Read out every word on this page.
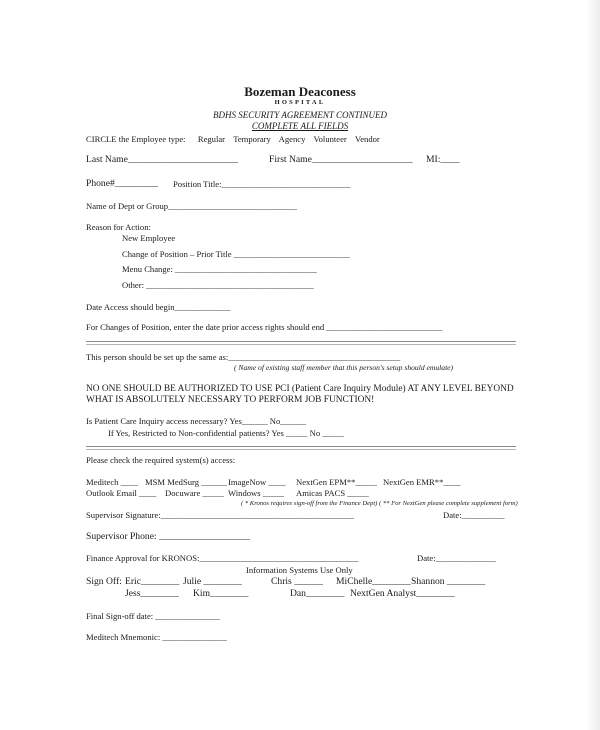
Bozeman Deaconess
HOSPITAL
BDHS SECURITY AGREEMENT CONTINUED
COMPLETE ALL FIELDS
CIRCLE the Employee type: Regular Temporary Agency Volunteer Vendor
Last Name_______________________	First Name_____________________ MI:____
Phone#_________ Position Title:______________________________
Name of Dept or Group______________________________
Reason for Action:
New Employee
Change of Position – Prior Title ___________________________
Menu Change: _________________________________
Other: _______________________________________
Date Access should begin_____________
For Changes of Position, enter the date prior access rights should end ___________________________
This person should be set up the same as:________________________________________
( Name of existing staff member that this person's setup should emulate)
NO ONE SHOULD BE AUTHORIZED TO USE PCI (Patient Care Inquiry Module) AT ANY LEVEL BEYOND
WHAT IS ABSOLUTELY NECESSARY TO PERFORM JOB FUNCTION!
Is Patient Care Inquiry access necessary? Yes______ No______
If Yes, Restricted to Non-confidential patients? Yes _____ No _____
Please check the required system(s) access:
Meditech ____ MSM MedSurg ______ ImageNow ____ NextGen EPM**_____ NextGen EMR**____
Outlook Email ____ Docuware _____ Windows _____ Amicas PACS _____
( * Kronos requires sign-off from the Finance Dept) ( ** For NextGen please complete supplement form)
Supervisor Signature:_____________________________________________	Date:__________
Supervisor Phone: ___________________
Finance Approval for KRONOS:_____________________________________	Date:______________
Information Systems Use Only
Sign Off: Eric________ Julie ________	Chris ______ MiChelle________ Shannon ________
Jess________ Kim________	Dan________ NextGen Analyst________
Final Sign-off date: _______________
Meditech Mnemonic: _______________
